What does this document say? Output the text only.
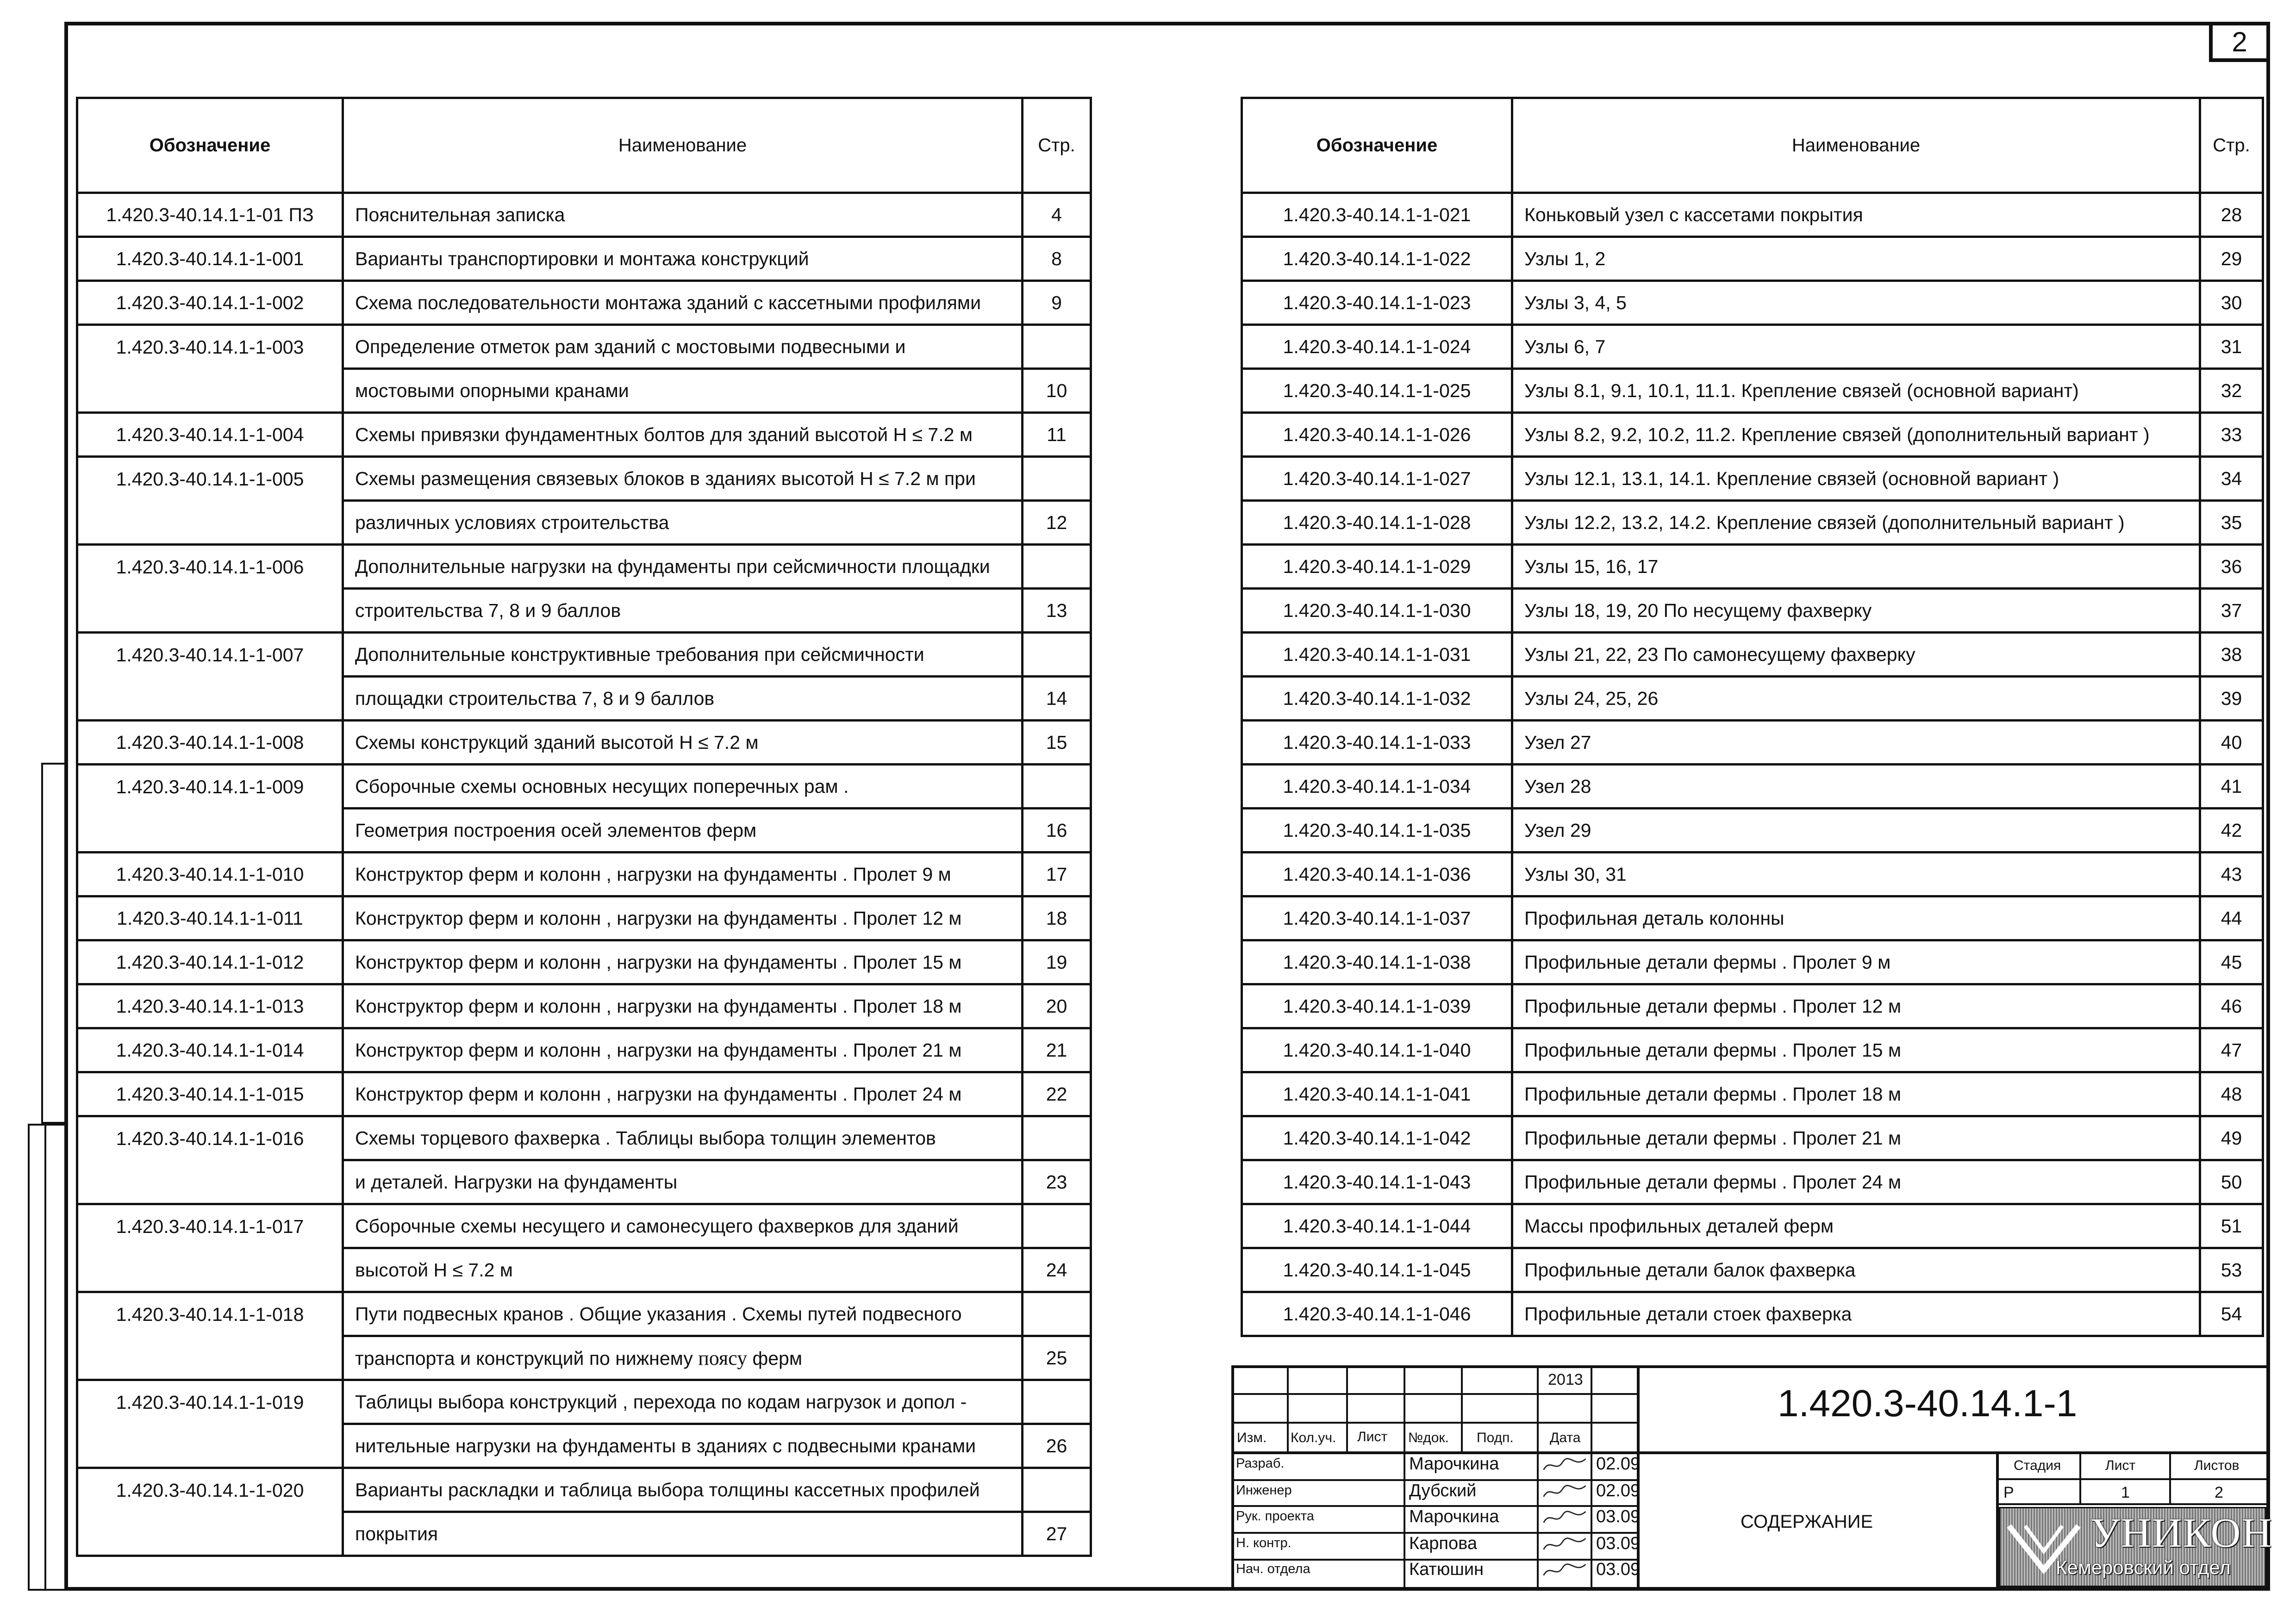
2
Обозначение	Наименование	Стр.
1.420.3-40.14.1-1-01 ПЗ	Пояснительная записка	4
1.420.3-40.14.1-1-001	Варианты транспортировки и монтажа конструкций	8
1.420.3-40.14.1-1-002	Схема последовательности монтажа зданий с кассетными профилями	9
1.420.3-40.14.1-1-003	Определение отметок рам зданий с мостовыми подвесными и	
	мостовыми опорными кранами	10
1.420.3-40.14.1-1-004	Схемы привязки фундаментных болтов для зданий высотой H ≤ 7.2 м	11
1.420.3-40.14.1-1-005	Схемы размещения связевых блоков в зданиях высотой H ≤ 7.2 м при	
	различных условиях строительства	12
1.420.3-40.14.1-1-006	Дополнительные нагрузки на фундаменты при сейсмичности площадки	
	строительства 7, 8 и 9 баллов	13
1.420.3-40.14.1-1-007	Дополнительные конструктивные требования при сейсмичности	
	площадки строительства 7, 8 и 9 баллов	14
1.420.3-40.14.1-1-008	Схемы конструкций зданий высотой H ≤ 7.2 м	15
1.420.3-40.14.1-1-009	Сборочные схемы основных несущих поперечных рам .	
	Геометрия построения осей элементов ферм	16
1.420.3-40.14.1-1-010	Конструктор ферм и колонн , нагрузки на фундаменты . Пролет 9 м	17
1.420.3-40.14.1-1-011	Конструктор ферм и колонн , нагрузки на фундаменты . Пролет 12 м	18
1.420.3-40.14.1-1-012	Конструктор ферм и колонн , нагрузки на фундаменты . Пролет 15 м	19
1.420.3-40.14.1-1-013	Конструктор ферм и колонн , нагрузки на фундаменты . Пролет 18 м	20
1.420.3-40.14.1-1-014	Конструктор ферм и колонн , нагрузки на фундаменты . Пролет 21 м	21
1.420.3-40.14.1-1-015	Конструктор ферм и колонн , нагрузки на фундаменты . Пролет 24 м	22
1.420.3-40.14.1-1-016	Схемы торцевого фахверка . Таблицы выбора толщин элементов	
	и деталей. Нагрузки на фундаменты	23
1.420.3-40.14.1-1-017	Сборочные схемы несущего и самонесущего фахверков для зданий	
	высотой H ≤ 7.2 м	24
1.420.3-40.14.1-1-018	Пути подвесных кранов . Общие указания . Схемы путей подвесного	
	транспорта и конструкций по нижнему поясу ферм	25
1.420.3-40.14.1-1-019	Таблицы выбора конструкций , перехода по кодам нагрузок и допол -	
	нительные нагрузки на фундаменты в зданиях с подвесными кранами	26
1.420.3-40.14.1-1-020	Варианты раскладки и таблица выбора толщины кассетных профилей	
	покрытия	27
Обозначение	Наименование	Стр.
1.420.3-40.14.1-1-021	Коньковый узел с кассетами покрытия	28
1.420.3-40.14.1-1-022	Узлы 1, 2	29
1.420.3-40.14.1-1-023	Узлы 3, 4, 5	30
1.420.3-40.14.1-1-024	Узлы 6, 7	31
1.420.3-40.14.1-1-025	Узлы 8.1, 9.1, 10.1, 11.1. Крепление связей (основной вариант)	32
1.420.3-40.14.1-1-026	Узлы 8.2, 9.2, 10.2, 11.2. Крепление связей (дополнительный вариант )	33
1.420.3-40.14.1-1-027	Узлы 12.1, 13.1, 14.1. Крепление связей (основной вариант )	34
1.420.3-40.14.1-1-028	Узлы 12.2, 13.2, 14.2. Крепление связей (дополнительный вариант )	35
1.420.3-40.14.1-1-029	Узлы 15, 16, 17	36
1.420.3-40.14.1-1-030	Узлы 18, 19, 20 По несущему фахверку	37
1.420.3-40.14.1-1-031	Узлы 21, 22, 23 По самонесущему фахверку	38
1.420.3-40.14.1-1-032	Узлы 24, 25, 26	39
1.420.3-40.14.1-1-033	Узел 27	40
1.420.3-40.14.1-1-034	Узел 28	41
1.420.3-40.14.1-1-035	Узел 29	42
1.420.3-40.14.1-1-036	Узлы 30, 31	43
1.420.3-40.14.1-1-037	Профильная деталь колонны	44
1.420.3-40.14.1-1-038	Профильные детали фермы . Пролет 9 м	45
1.420.3-40.14.1-1-039	Профильные детали фермы . Пролет 12 м	46
1.420.3-40.14.1-1-040	Профильные детали фермы . Пролет 15 м	47
1.420.3-40.14.1-1-041	Профильные детали фермы . Пролет 18 м	48
1.420.3-40.14.1-1-042	Профильные детали фермы . Пролет 21 м	49
1.420.3-40.14.1-1-043	Профильные детали фермы . Пролет 24 м	50
1.420.3-40.14.1-1-044	Массы профильных деталей ферм	51
1.420.3-40.14.1-1-045	Профильные детали балок фахверка	53
1.420.3-40.14.1-1-046	Профильные детали стоек фахверка	54
2013
Изм. Кол.уч. Лист №док. Подп.	Дата
Разраб.	Марочкина	02.09
Инженер	Дубский	02.09
Рук. проекта	Марочкина	03.09
Н. контр.	Карпова	03.09
Нач. отдела	Катюшин	03.09
1.420.3-40.14.1-1
СОДЕРЖАНИЕ
Стадия	Лист	Листов
Р	1	2
УНИКОН
Кемеровский отдел
